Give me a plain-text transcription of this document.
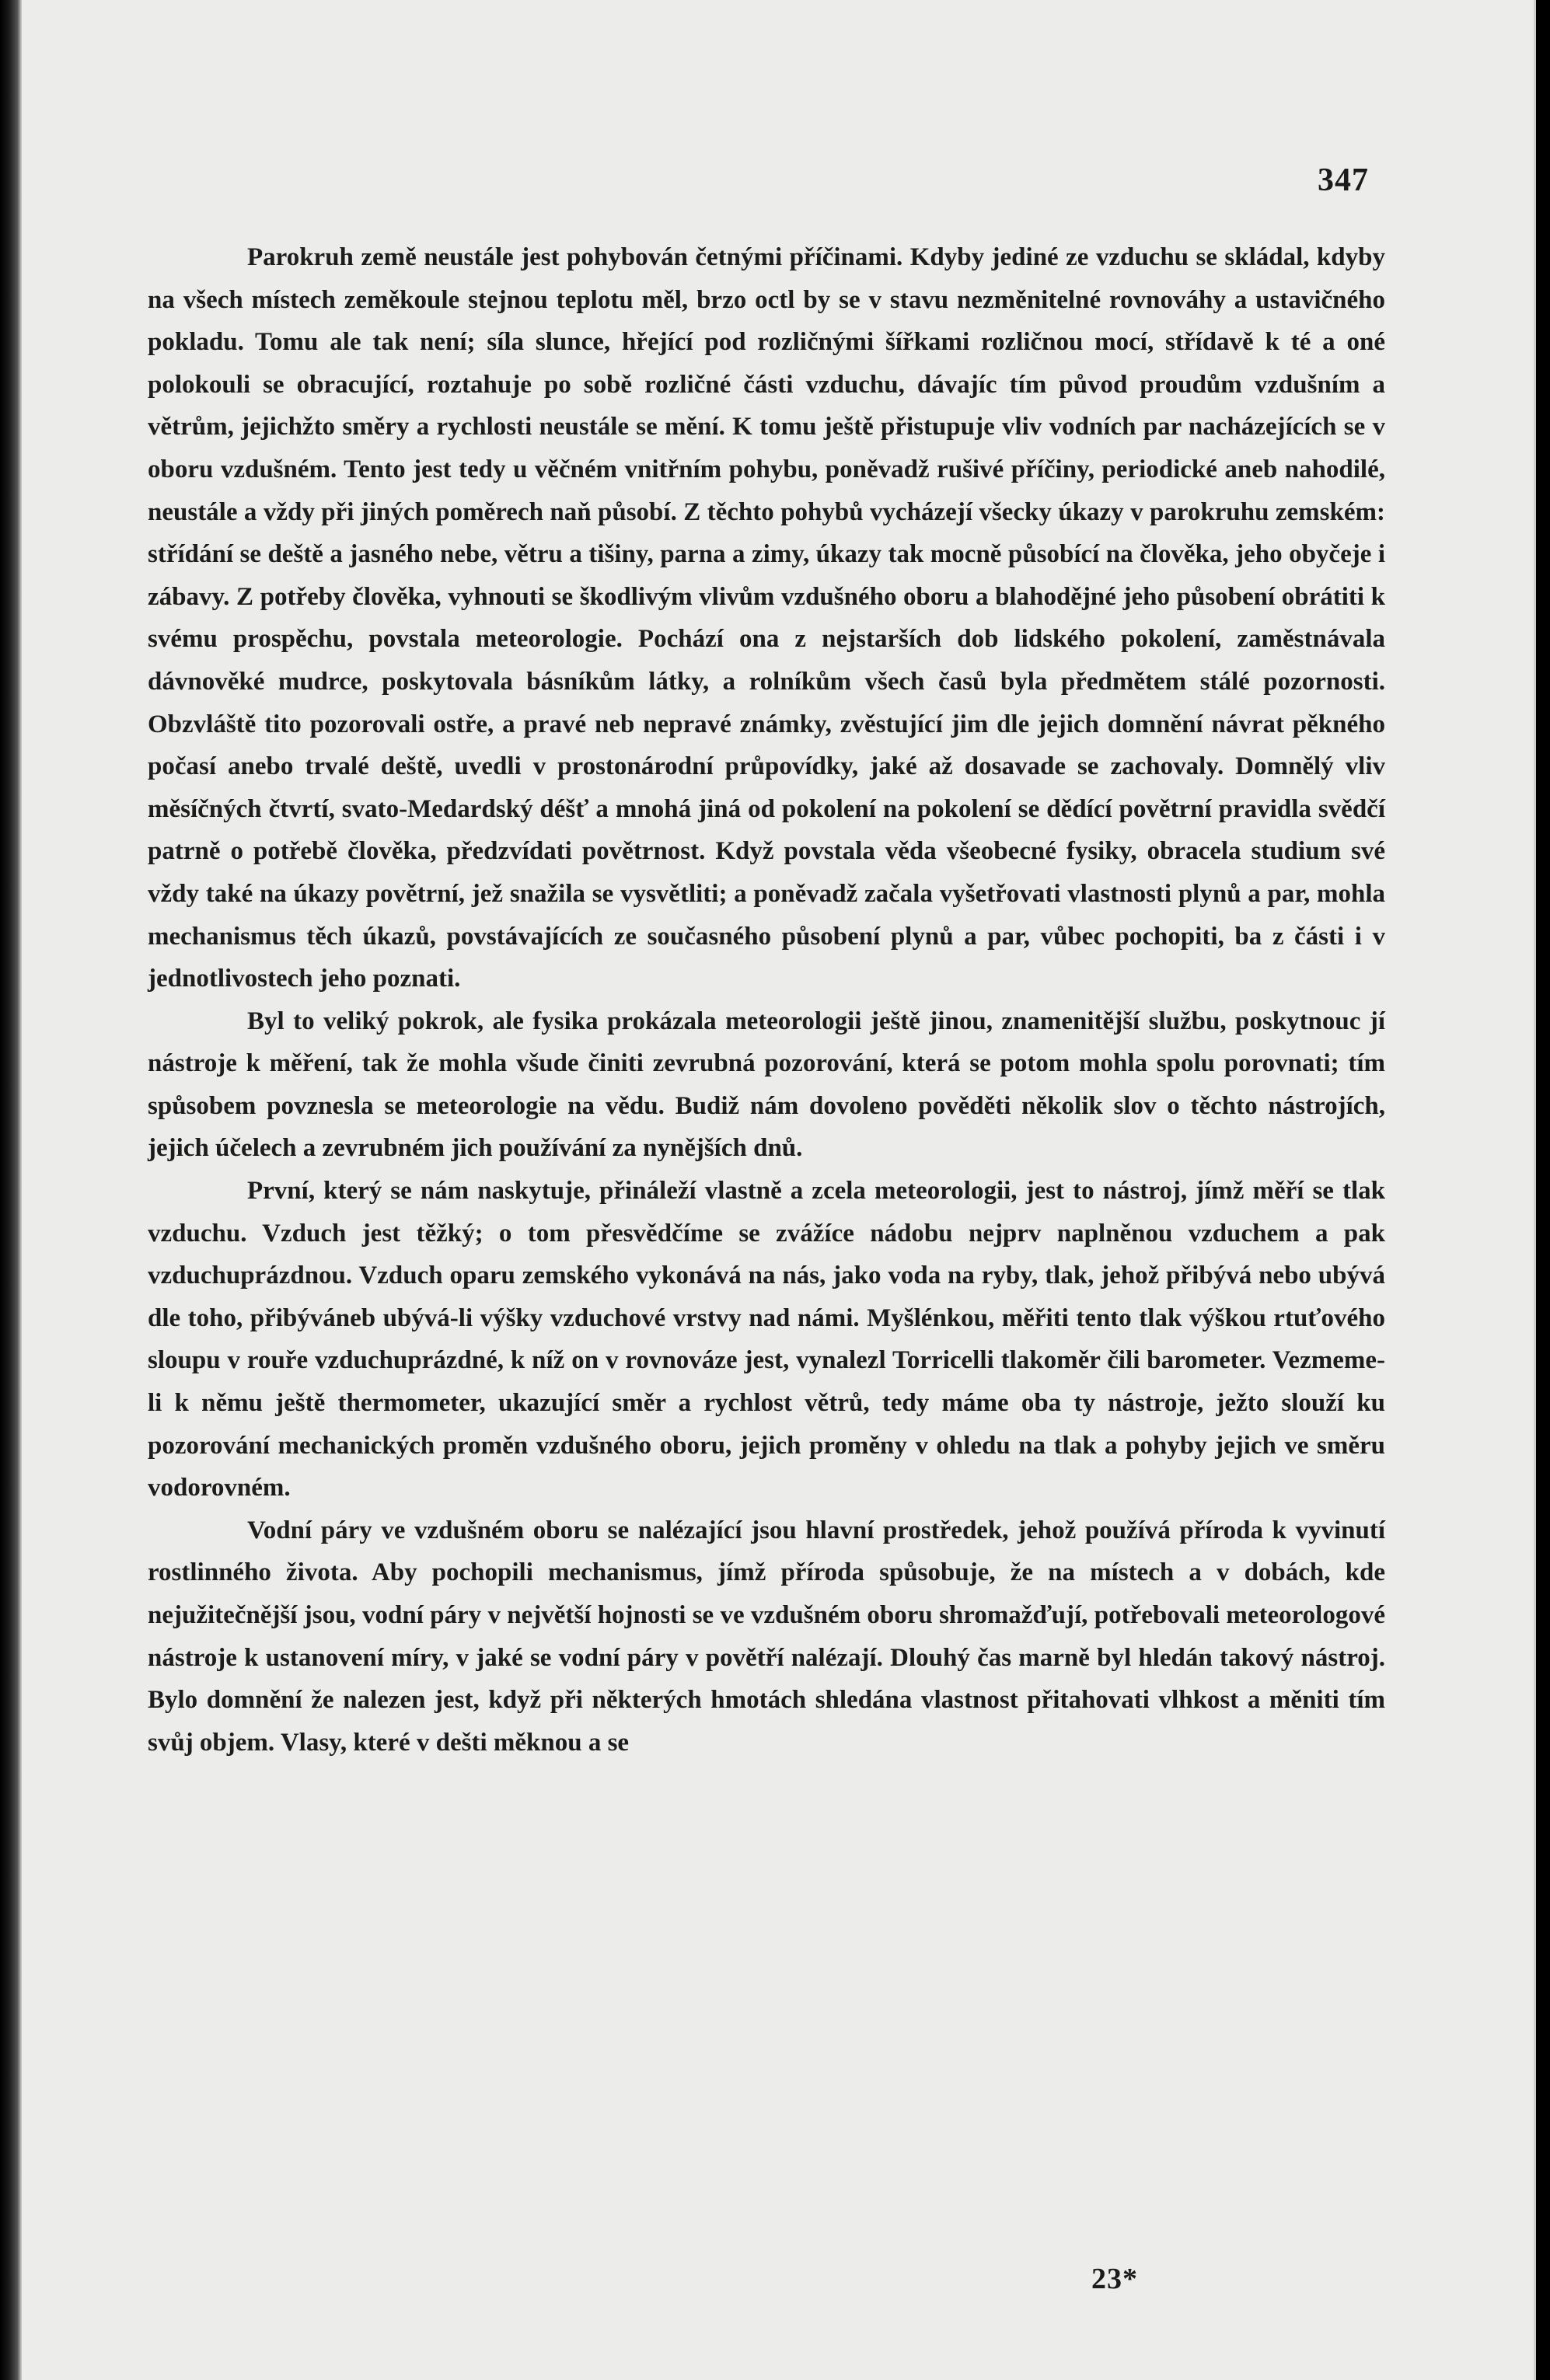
347

Parokruh země neustále jest pohybován četnými příčinami. Kdyby jediné ze vzduchu se skládal, kdyby na všech místech zeměkoule stejnou teplotu měl, brzo octl by se v stavu nezměnitelné rovnováhy a ustavičného pokladu. Tomu ale tak není; síla slunce, hřející pod rozličnými šířkami rozličnou mocí, střídavě k té a oné polokouli se obracující, roztahuje po sobě rozličné části vzduchu, dávajíc tím původ proudům vzdušním a větrům, jejichžto směry a rychlosti neustále se mění. K tomu ještě přistupuje vliv vodních par nacházejících se v oboru vzdušném. Tento jest tedy u věčném vnitřním pohybu, poněvadž rušivé příčiny, periodické aneb nahodilé, neustále a vždy při jiných poměrech naň působí. Z těchto pohybů vycházejí všecky úkazy v parokruhu zemském: střídání se deště a jasného nebe, větru a tišiny, parna a zimy, úkazy tak mocně působící na člověka, jeho obyčeje i zábavy. Z potřeby člověka, vyhnouti se škodlivým vlivům vzdušného oboru a blahodějné jeho působení obrátiti k svému prospěchu, povstala meteorologie. Pochází ona z nejstarších dob lidského pokolení, zaměstnávala dávnověké mudrce, poskytovala básníkům látky, a rolníkům všech časů byla předmětem stálé pozornosti. Obzvláště tito pozorovali ostře, a pravé neb nepravé známky, zvěstující jim dle jejich domnění návrat pěkného počasí anebo trvalé deště, uvedli v prostonárodní průpovídky, jaké až dosavade se zachovaly. Domnělý vliv měsíčných čtvrtí, svato-Medardský déšť a mnohá jiná od pokolení na pokolení se dědící povětrní pravidla svědčí patrně o potřebě člověka, předzvídati povětrnost. Když povstala věda všeobecné fysiky, obracela studium své vždy také na úkazy povětrní, jež snažila se vysvětliti; a poněvadž začala vyšetřovati vlastnosti plynů a par, mohla mechanismus těch úkazů, povstávajících ze současného působení plynů a par, vůbec pochopiti, ba z části i v jednotlivostech jeho poznati.

Byl to veliký pokrok, ale fysika prokázala meteorologii ještě jinou, znamenitější službu, poskytnouc jí nástroje k měření, tak že mohla všude činiti zevrubná pozorování, která se potom mohla spolu porovnati; tím spůsobem povznesla se meteorologie na vědu. Budiž nám dovoleno pověděti několik slov o těchto nástrojích, jejich účelech a zevrubném jich používání za nynějších dnů.

První, který se nám naskytuje, přináleží vlastně a zcela meteorologii, jest to nástroj, jímž měří se tlak vzduchu. Vzduch jest těžký; o tom přesvědčíme se zvážíce nádobu nejprv naplněnou vzduchem a pak vzduchuprázdnou. Vzduch oparu zemského vykonává na nás, jako voda na ryby, tlak, jehož přibývá nebo ubývá dle toho, přibýváneb ubývá-li výšky vzduchové vrstvy nad námi. Myšlénkou, měřiti tento tlak výškou rtuťového sloupu v rouře vzduchuprázdné, k níž on v rovnováze jest, vynalezl Torricelli tlakoměr čili barometer. Vezmeme-li k němu ještě thermometer, ukazující směr a rychlost větrů, tedy máme oba ty nástroje, ježto slouží ku pozorování mechanických proměn vzdušného oboru, jejich proměny v ohledu na tlak a pohyby jejich ve směru vodorovném.

Vodní páry ve vzdušném oboru se nalézající jsou hlavní prostředek, jehož používá příroda k vyvinutí rostlinného života. Aby pochopili mechanismus, jímž příroda spůsobuje, že na místech a v dobách, kde nejužitečnější jsou, vodní páry v největší hojnosti se ve vzdušném oboru shromažďují, potřebovali meteorologové nástroje k ustanovení míry, v jaké se vodní páry v povětří nalézají. Dlouhý čas marně byl hledán takový nástroj. Bylo domnění že nalezen jest, když při některých hmotách shledána vlastnost přitahovati vlhkost a měniti tím svůj objem. Vlasy, které v dešti měknou a se

23*
